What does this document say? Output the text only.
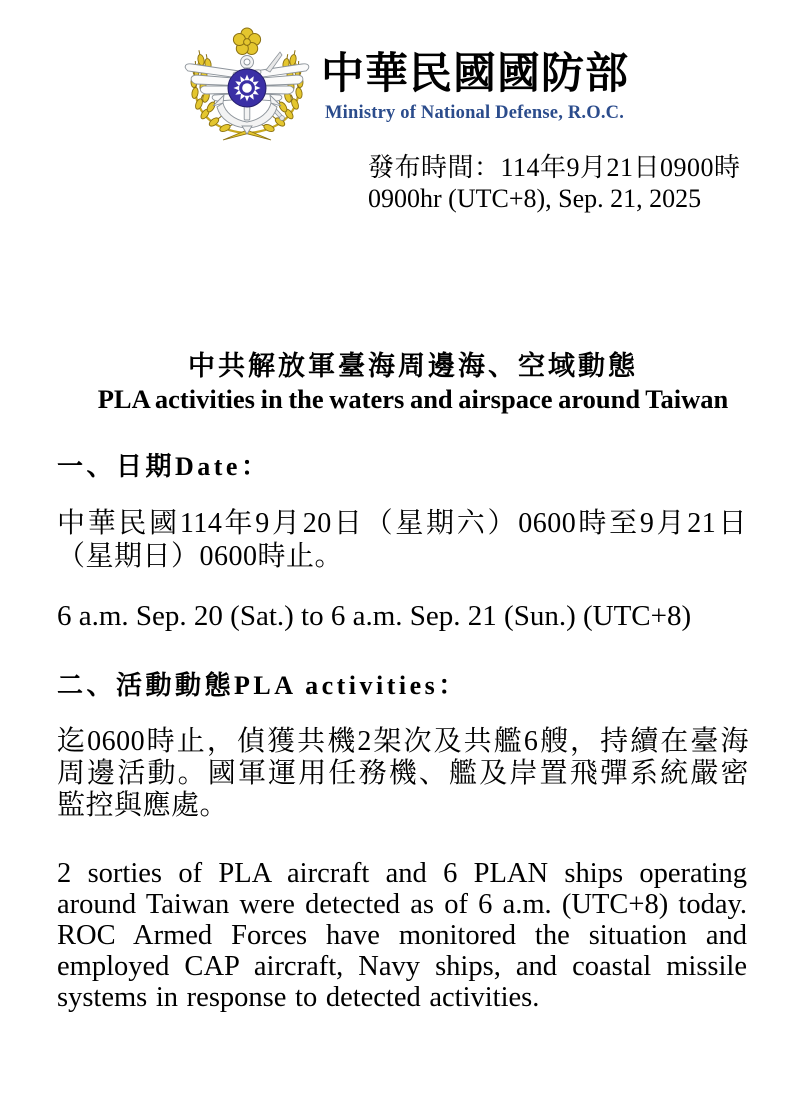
中華民國國防部
Ministry of National Defense, R.O.C.
發布時間：114年9月21日0900時
0900hr (UTC+8), Sep. 21, 2025
中共解放軍臺海周邊海、空域動態
PLA activities in the waters and airspace around Taiwan
一、日期Date：
中華民國114年9月20日（星期六）0600時至9月21日
（星期日）0600時止。
6 a.m. Sep. 20 (Sat.) to 6 a.m. Sep. 21 (Sun.) (UTC+8)
二、活動動態PLA activities：
迄0600時止，偵獲共機2架次及共艦6艘，持續在臺海
周邊活動。國軍運用任務機、艦及岸置飛彈系統嚴密
監控與應處。
2 sorties of PLA aircraft and 6 PLAN ships operating
around Taiwan were detected as of 6 a.m. (UTC+8) today.
ROC Armed Forces have monitored the situation and
employed CAP aircraft, Navy ships, and coastal missile
systems in response to detected activities.
